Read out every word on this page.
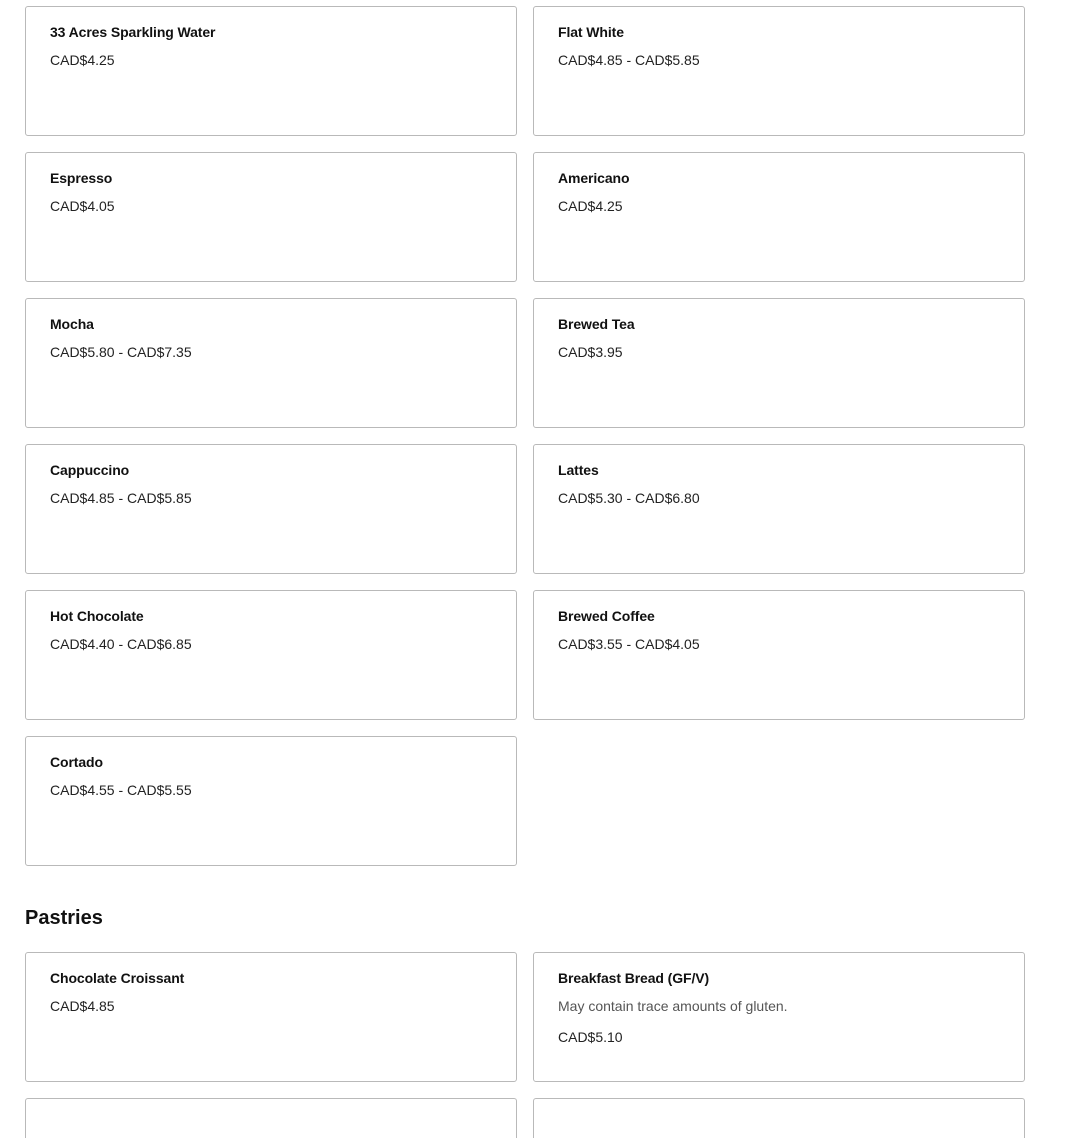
33 Acres Sparkling Water
CAD$4.25
Flat White
CAD$4.85 - CAD$5.85
Espresso
CAD$4.05
Americano
CAD$4.25
Mocha
CAD$5.80 - CAD$7.35
Brewed Tea
CAD$3.95
Cappuccino
CAD$4.85 - CAD$5.85
Lattes
CAD$5.30 - CAD$6.80
Hot Chocolate
CAD$4.40 - CAD$6.85
Brewed Coffee
CAD$3.55 - CAD$4.05
Cortado
CAD$4.55 - CAD$5.55
Pastries
Chocolate Croissant
CAD$4.85
Breakfast Bread (GF/V)
May contain trace amounts of gluten.
CAD$5.10
